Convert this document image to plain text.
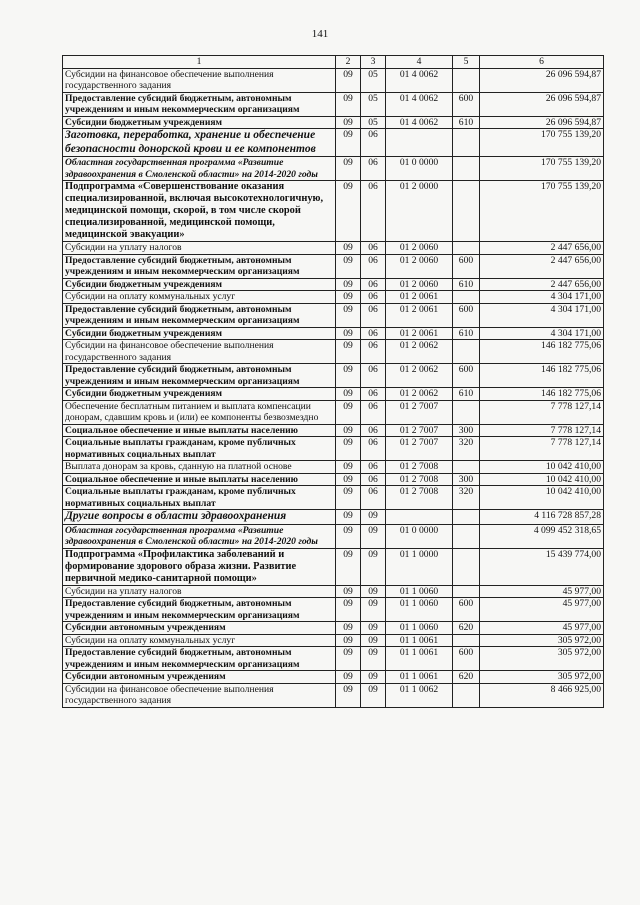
141
1	2	3	4	5	6
Субсидии на финансовое обеспечение выполнения государственного задания	09	05	01 4 0062		26 096 594,87
Предоставление субсидий бюджетным, автономным учреждениям и иным некоммерческим организациям	09	05	01 4 0062	600	26 096 594,87
Субсидии бюджетным учреждениям	09	05	01 4 0062	610	26 096 594,87
Заготовка, переработка, хранение и обеспечение безопасности донорской крови и ее компонентов	09	06			170 755 139,20
Областная государственная программа «Развитие здравоохранения в Смоленской области» на 2014-2020 годы	09	06	01 0 0000		170 755 139,20
Подпрограмма «Совершенствование оказания специализированной, включая высокотехнологичную, медицинской помощи, скорой, в том числе скорой специализированной, медицинской помощи, медицинской эвакуации»	09	06	01 2 0000		170 755 139,20
Субсидии на уплату налогов	09	06	01 2 0060		2 447 656,00
Предоставление субсидий бюджетным, автономным учреждениям и иным некоммерческим организациям	09	06	01 2 0060	600	2 447 656,00
Субсидии бюджетным учреждениям	09	06	01 2 0060	610	2 447 656,00
Субсидии на оплату коммунальных услуг	09	06	01 2 0061		4 304 171,00
Предоставление субсидий бюджетным, автономным учреждениям и иным некоммерческим организациям	09	06	01 2 0061	600	4 304 171,00
Субсидии бюджетным учреждениям	09	06	01 2 0061	610	4 304 171,00
Субсидии на финансовое обеспечение выполнения государственного задания	09	06	01 2 0062		146 182 775,06
Предоставление субсидий бюджетным, автономным учреждениям и иным некоммерческим организациям	09	06	01 2 0062	600	146 182 775,06
Субсидии бюджетным учреждениям	09	06	01 2 0062	610	146 182 775,06
Обеспечение бесплатным питанием и выплата компенсации донорам, сдавшим кровь и (или) ее компоненты безвозмездно	09	06	01 2 7007		7 778 127,14
Социальное обеспечение и иные выплаты населению	09	06	01 2 7007	300	7 778 127,14
Социальные выплаты гражданам, кроме публичных нормативных социальных выплат	09	06	01 2 7007	320	7 778 127,14
Выплата донорам за кровь, сданную на платной основе	09	06	01 2 7008		10 042 410,00
Социальное обеспечение и иные выплаты населению	09	06	01 2 7008	300	10 042 410,00
Социальные выплаты гражданам, кроме публичных нормативных социальных выплат	09	06	01 2 7008	320	10 042 410,00
Другие вопросы в области здравоохранения	09	09			4 116 728 857,28
Областная государственная программа «Развитие здравоохранения в Смоленской области» на 2014-2020 годы	09	09	01 0 0000		4 099 452 318,65
Подпрограмма «Профилактика заболеваний и формирование здорового образа жизни. Развитие первичной медико-санитарной помощи»	09	09	01 1 0000		15 439 774,00
Субсидии на уплату налогов	09	09	01 1 0060		45 977,00
Предоставление субсидий бюджетным, автономным учреждениям и иным некоммерческим организациям	09	09	01 1 0060	600	45 977,00
Субсидии автономным учреждениям	09	09	01 1 0060	620	45 977,00
Субсидии на оплату коммунальных услуг	09	09	01 1 0061		305 972,00
Предоставление субсидий бюджетным, автономным учреждениям и иным некоммерческим организациям	09	09	01 1 0061	600	305 972,00
Субсидии автономным учреждениям	09	09	01 1 0061	620	305 972,00
Субсидии на финансовое обеспечение выполнения государственного задания	09	09	01 1 0062		8 466 925,00
